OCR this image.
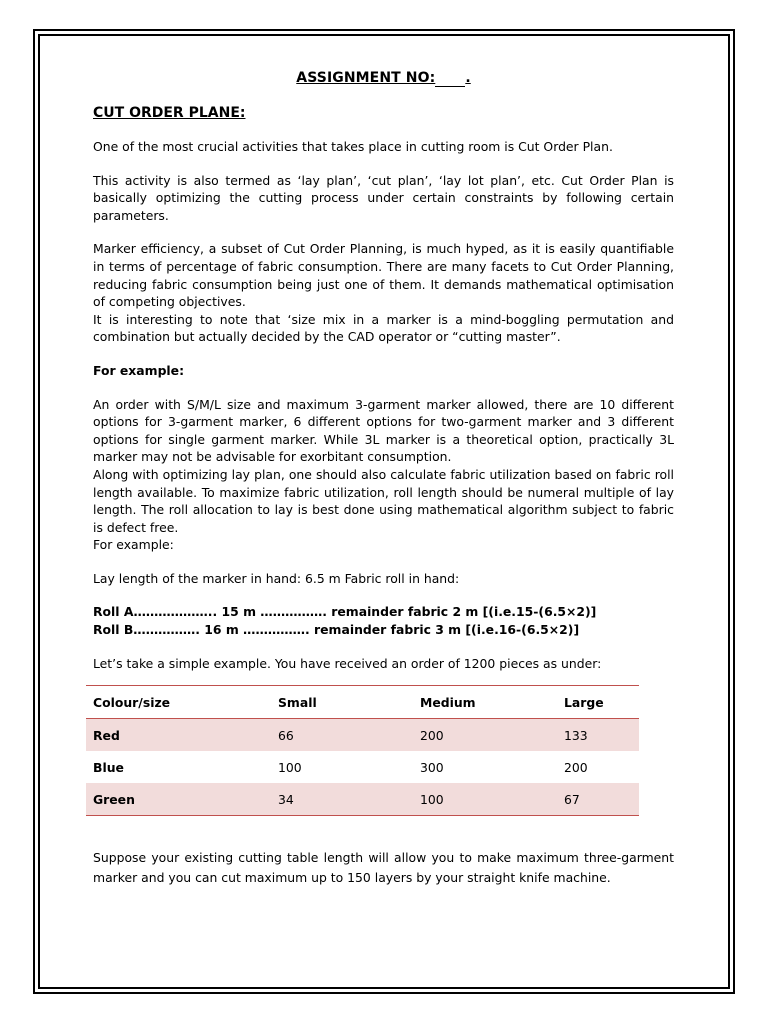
ASSIGNMENT NO: .
CUT ORDER PLANE:

One of the most crucial activities that takes place in cutting room is Cut Order Plan.

This activity is also termed as ‘lay plan’, ‘cut plan’, ‘lay lot plan’, etc. Cut Order Plan is basically optimizing the cutting process under certain constraints by following certain parameters.

Marker efficiency, a subset of Cut Order Planning, is much hyped, as it is easily quantifiable in terms of percentage of fabric consumption. There are many facets to Cut Order Planning, reducing fabric consumption being just one of them. It demands mathematical optimisation of competing objectives.

It is interesting to note that ‘size mix in a marker is a mind-boggling permutation and combination but actually decided by the CAD operator or “cutting master”.

For example:

An order with S/M/L size and maximum 3-garment marker allowed, there are 10 different options for 3-garment marker, 6 different options for two-garment marker and 3 different options for single garment marker. While 3L marker is a theoretical option, practically 3L marker may not be advisable for exorbitant consumption.

Along with optimizing lay plan, one should also calculate fabric utilization based on fabric roll length available. To maximize fabric utilization, roll length should be numeral multiple of lay length. The roll allocation to lay is best done using mathematical algorithm subject to fabric is defect free.

For example:

Lay length of the marker in hand: 6.5 m Fabric roll in hand:

Roll A……………….. 15 m ……………. remainder fabric 2 m [(i.e.15-(6.5×2)]
Roll B……………. 16 m ……………. remainder fabric 3 m [(i.e.16-(6.5×2)]

Let’s take a simple example. You have received an order of 1200 pieces as under:

Colour/size	Small	Medium	Large
Red	66	200	133
Blue	100	300	200
Green	34	100	67

Suppose your existing cutting table length will allow you to make maximum three-garment marker and you can cut maximum up to 150 layers by your straight knife machine.
